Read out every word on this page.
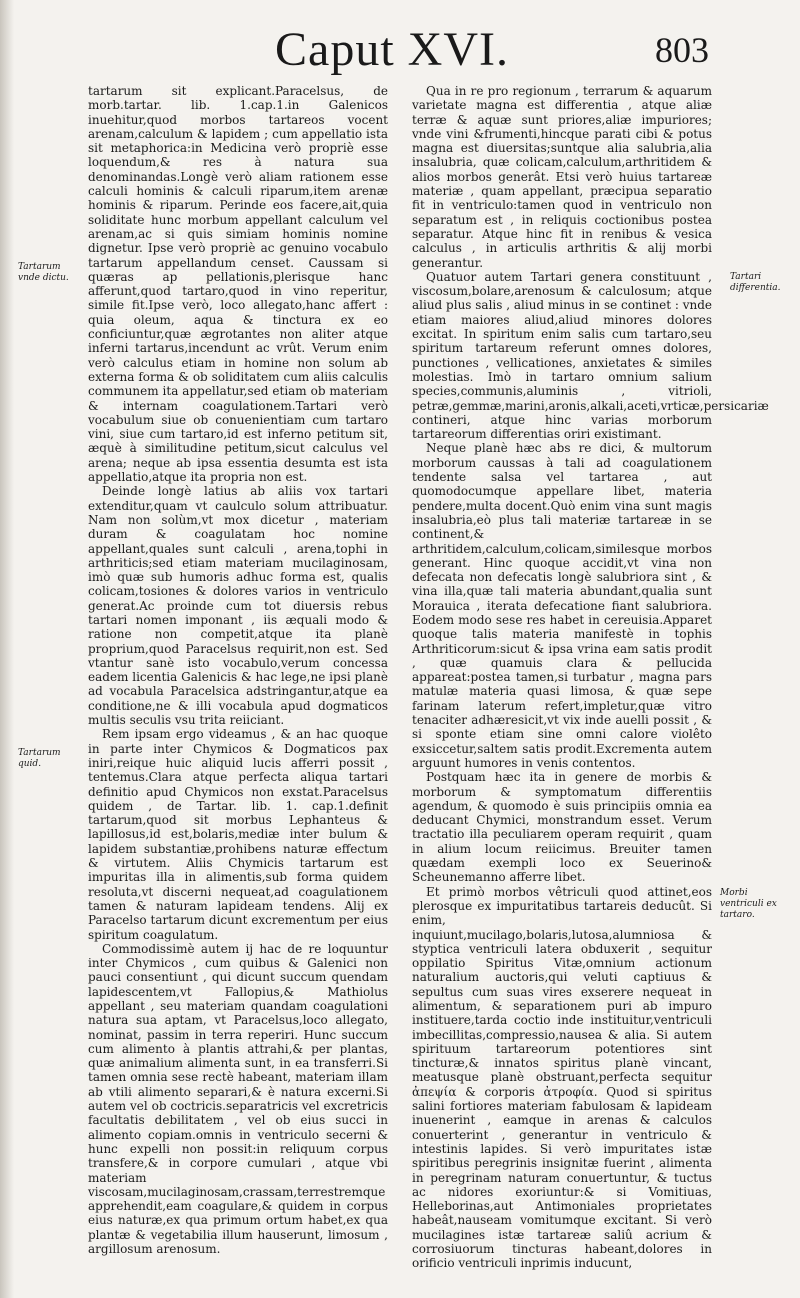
Caput XVI.	803
Tartarum vnde dictu.
Tartarum quid.
Tartari differentia.
Morbi ventriculi ex tartaro.

tartarum sit explicant.Paracelsus, de morb.tartar. lib. 1.cap.1.in Galenicos inuehitur,quod morbos tartareos vocent arenam,calculum & lapidem ; cum appellatio ista sit metaphorica:in Medicina verò propriè esse loquendum,& res à natura sua denominandas.Longè verò aliam rationem esse calculi hominis & calculi riparum,item arenæ hominis & riparum. Perinde eos facere,ait,quia soliditate hunc morbum appellant calculum vel arenam,ac si quis simiam hominis nomine dignetur. Ipse verò propriè ac genuino vocabulo tartarum appellandum censet. Caussam si quæras ap pellationis,plerisque hanc afferunt,quod tartaro,quod in vino reperitur, simile fit.Ipse verò, loco allegato,hanc affert : quia oleum, aqua & tinctura ex eo conficiuntur,quæ ægrotantes non aliter atque inferni tartarus,incendunt ac vrût. Verum enim verò calculus etiam in homine non solum ab externa forma & ob soliditatem cum aliis calculis communem ita appellatur,sed etiam ob materiam & internam coagulationem.Tartari verò vocabulum siue ob conuenientiam cum tartaro vini, siue cum tartaro,id est inferno petitum sit, æquè à similitudine petitum,sicut calculus vel arena; neque ab ipsa essentia desumta est ista appellatio,atque ita propria non est.

Deinde longè latius ab aliis vox tartari extenditur,quam vt caulculo solum attribuatur. Nam non solùm,vt mox dicetur , materiam duram & coagulatam hoc nomine appellant,quales sunt calculi , arena,tophi in arthriticis;sed etiam materiam mucilaginosam, imò quæ sub humoris adhuc forma est, qualis colicam,tosiones & dolores varios in ventriculo generat.Ac proinde cum tot diuersis rebus tartari nomen imponant , iis æquali modo & ratione non competit,atque ita planè proprium,quod Paracelsus requirit,non est. Sed vtantur sanè isto vocabulo,verum concessa eadem licentia Galenicis & hac lege,ne ipsi planè ad vocabula Paracelsica adstringantur,atque ea conditione,ne & illi vocabula apud dogmaticos multis seculis vsu trita reiiciant.

Rem ipsam ergo videamus , & an hac quoque in parte inter Chymicos & Dogmaticos pax iniri,reique huic aliquid lucis afferri possit , tentemus.Clara atque perfecta aliqua tartari definitio apud Chymicos non exstat.Paracelsus quidem , de Tartar. lib. 1. cap.1.definit tartarum,quod sit morbus Lephanteus & lapillosus,id est,bolaris,mediæ inter bulum & lapidem substantiæ,prohibens naturæ effectum & virtutem. Aliis Chymicis tartarum est impuritas illa in alimentis,sub forma quidem resoluta,vt discerni nequeat,ad coagulationem tamen & naturam lapideam tendens. Alij ex Paracelso tartarum dicunt excrementum per eius spiritum coagulatum.

Commodissimè autem ij hac de re loquuntur inter Chymicos , cum quibus & Galenici non pauci consentiunt , qui dicunt succum quendam lapidescentem,vt Fallopius,& Mathiolus appellant , seu materiam quandam coagulationi natura sua aptam, vt Paracelsus,loco allegato, nominat, passim in terra reperiri. Hunc succum cum alimento à plantis attrahi,& per plantas, quæ animalium alimenta sunt, in ea transferri.Si tamen omnia sese rectè habeant, materiam illam ab vtili alimento separari,& è natura excerni.Si autem vel ob coctricis.separatricis vel excretricis facultatis debilitatem , vel ob eius succi in alimento copiam.omnis in ventriculo secerni & hunc expelli non possit:in reliquum corpus transfere,& in corpore cumulari , atque vbi materiam viscosam,mucilaginosam,crassam,terrestremque apprehendit,eam coagulare,& quidem in corpus eius naturæ,ex qua primum ortum habet,ex qua plantæ & vegetabilia illum hauserunt, limosum , argillosum arenosum.

Qua in re pro regionum , terrarum & aquarum varietate magna est differentia , atque aliæ terræ & aquæ sunt priores,aliæ impuriores; vnde vini &frumenti,hincque parati cibi & potus magna est diuersitas;suntque alia salubria,alia insalubria, quæ colicam,calculum,arthritidem & alios morbos generât. Etsi verò huius tartareæ materiæ , quam appellant, præcipua separatio fit in ventriculo:tamen quod in ventriculo non separatum est , in reliquis coctionibus postea separatur. Atque hinc fit in renibus & vesica calculus , in articulis arthritis & alij morbi generantur.

Quatuor autem Tartari genera constituunt , viscosum,bolare,arenosum & calculosum; atque aliud plus salis , aliud minus in se continet : vnde etiam maiores aliud,aliud minores dolores excitat. In spiritum enim salis cum tartaro,seu spiritum tartareum referunt omnes dolores, punctiones , vellicationes, anxietates & similes molestias. Imò in tartaro omnium salium species,communis,aluminis , vitrioli, petræ,gemmæ,marini,aronis,alkali,aceti,vrticæ,persicariæ contineri, atque hinc varias morborum tartareorum differentias oriri existimant.

Neque planè hæc abs re dici, & multorum morborum caussas à tali ad coagulationem tendente salsa vel tartarea , aut quomodocumque appellare libet, materia pendere,multa docent.Quò enim vina sunt magis insalubria,eò plus tali materiæ tartareæ in se continent,& arthritidem,calculum,colicam,similesque morbos generant. Hinc quoque accidit,vt vina non defecata non defecatis longè salubriora sint , & vina illa,quæ tali materia abundant,qualia sunt Morauica , iterata defecatione fiant salubriora. Eodem modo sese res habet in cereuisia.Apparet quoque talis materia manifestè in tophis Arthriticorum:sicut & ipsa vrina eam satis prodit , quæ quamuis clara & pellucida appareat:postea tamen,si turbatur , magna pars matulæ materia quasi limosa, & quæ sepe farinam laterum refert,impletur,quæ vitro tenaciter adhæresicit,vt vix inde auelli possit , & si sponte etiam sine omni calore violêto exsiccetur,saltem satis prodit.Excrementa autem arguunt humores in venis contentos.

Postquam hæc ita in genere de morbis & morborum & symptomatum differentiis agendum, & quomodo è suis principiis omnia ea deducant Chymici, monstrandum esset. Verum tractatio illa peculiarem operam requirit , quam in alium locum reiicimus. Breuiter tamen quædam exempli loco ex Seuerino& Scheunemanno afferre libet.

Et primò morbos vêtriculi quod attinet,eos plerosque ex impuritatibus tartareis deducût. Si enim, inquiunt,mucilago,bolaris,lutosa,alumniosa & styptica ventriculi latera obduxerit , sequitur oppilatio Spiritus Vitæ,omnium actionum naturalium auctoris,qui veluti captiuus & sepultus cum suas vires exserere nequeat in alimentum, & separationem puri ab impuro instituere,tarda coctio inde instituitur,ventriculi imbecillitas,compressio,nausea & alia. Si autem spirituum tartareorum potentiores sint tincturæ,& innatos spiritus planè vincant, meatusque planè obstruant,perfecta sequitur ἀπεψία & corporis ἀτροφία. Quod si spiritus salini fortiores materiam fabulosam & lapideam inuenerint , eamque in arenas & calculos conuerterint , generantur in ventriculo & intestinis lapides. Si verò impuritates istæ spiritibus peregrinis insignitæ fuerint , alimenta in peregrinam naturam conuertuntur, & tuctus ac nidores exoriuntur:& si Vomitiuas, Helleborinas,aut Antimoniales proprietates habeât,nauseam vomitumque excitant. Si verò mucilagines istæ tartareæ saliû acrium & corrosiuorum tincturas habeant,dolores in orificio ventriculi inprimis inducunt,
